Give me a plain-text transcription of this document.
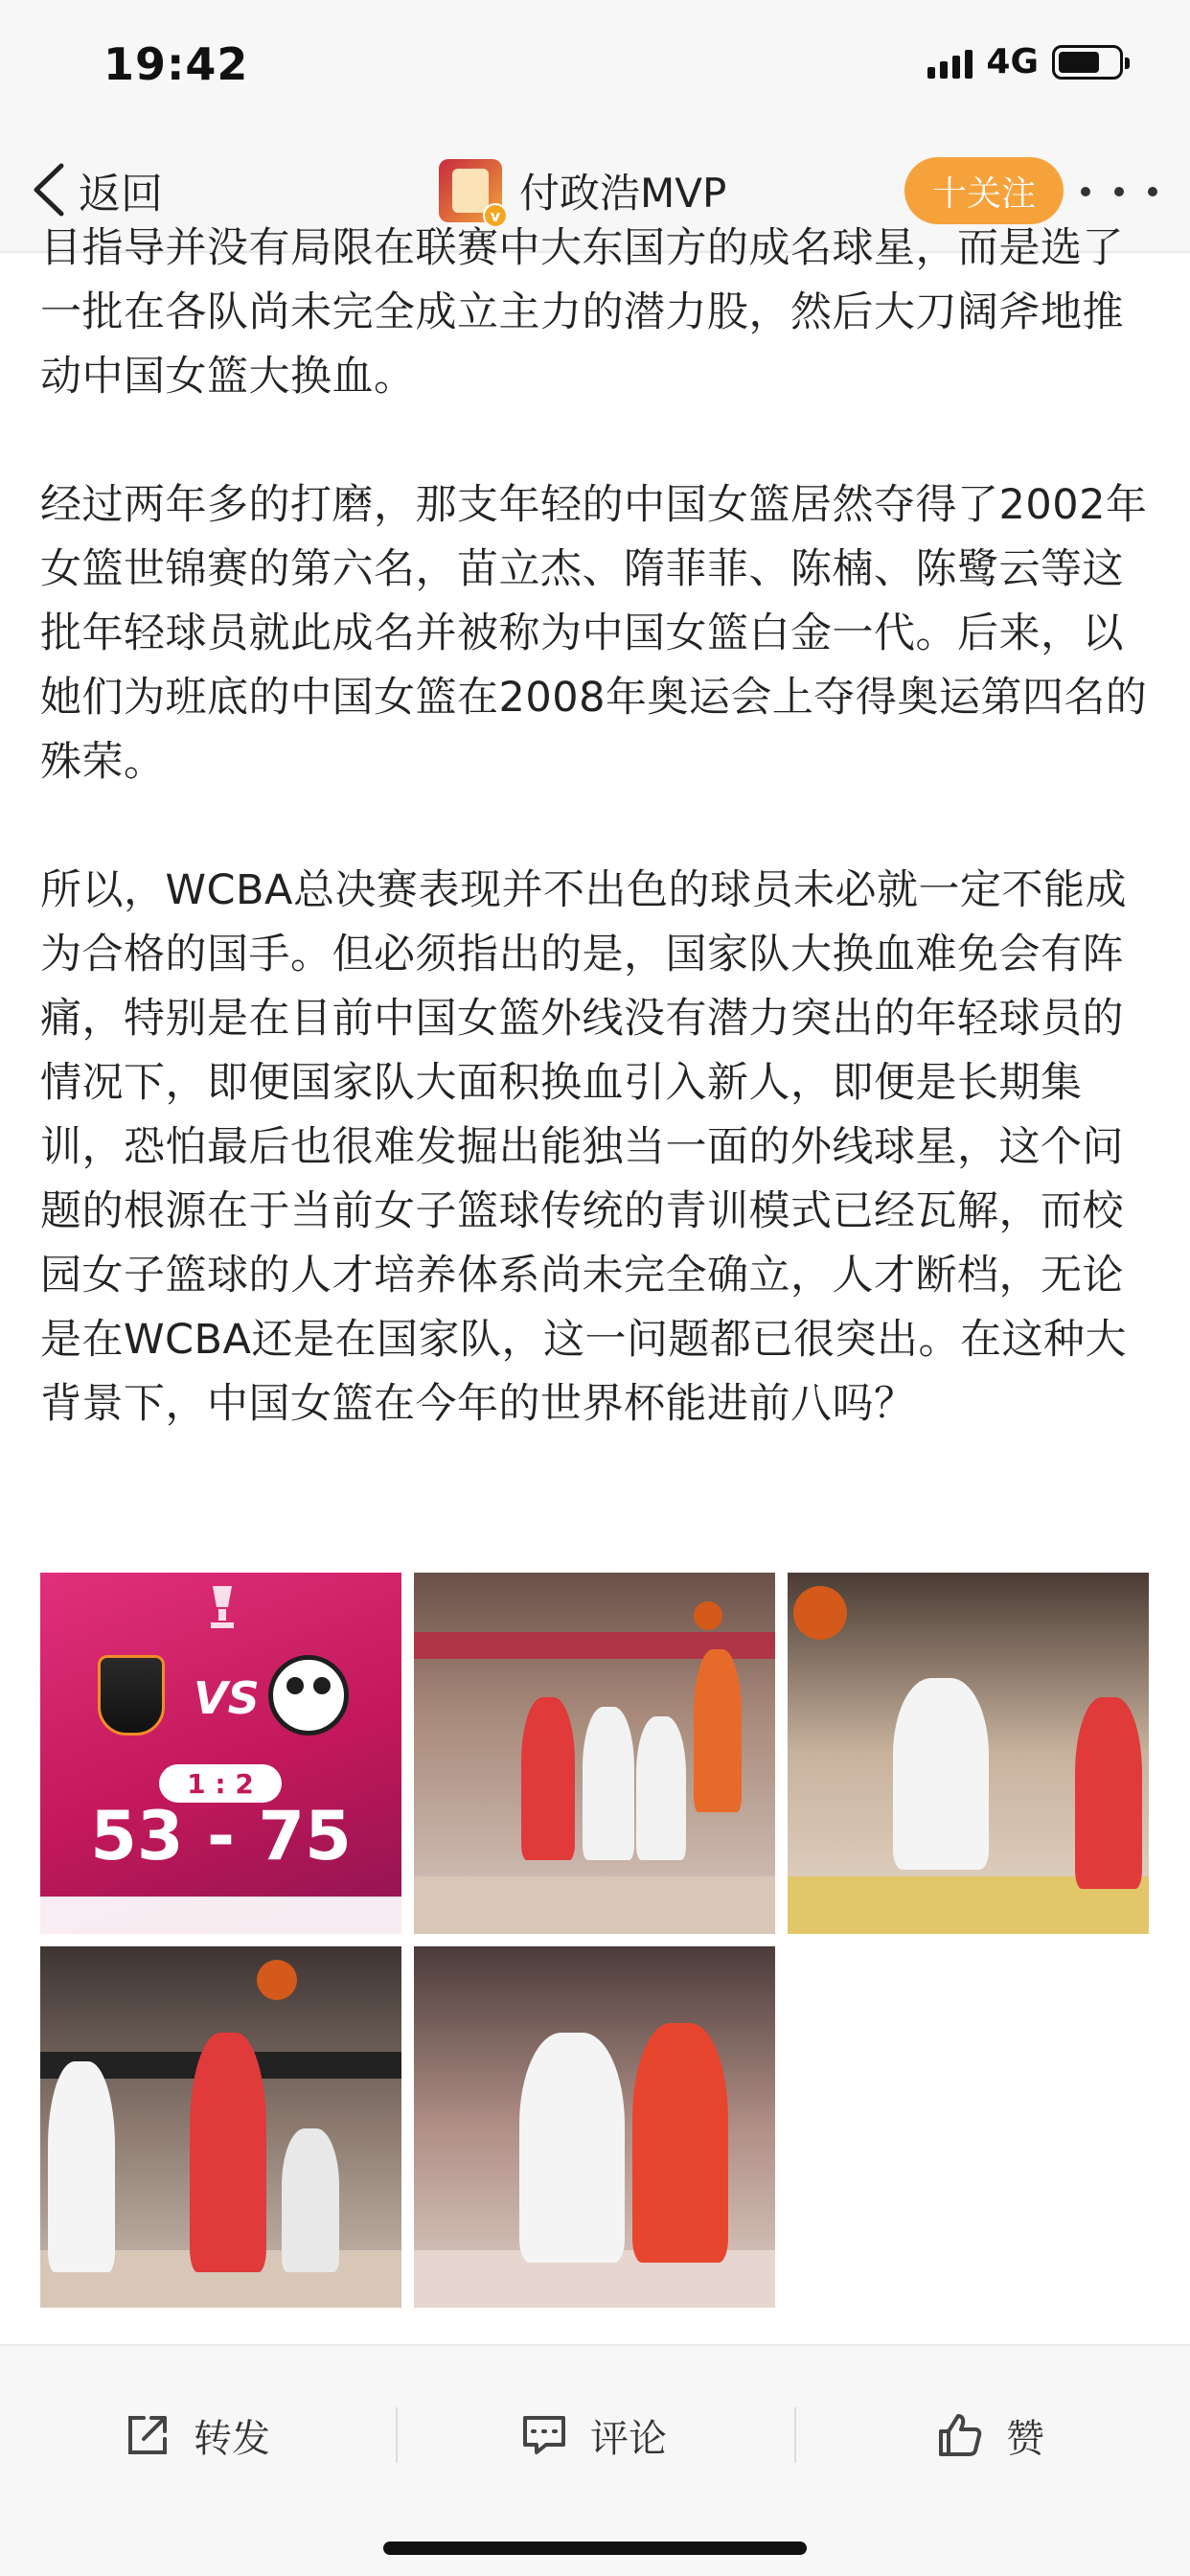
19:42	4G
返回	v 付政浩MVP	十关注

目指导并没有局限在联赛中大东国方的成名球星，而是选了一批在各队尚未完全成立主力的潜力股，然后大刀阔斧地推动中国女篮大换血。

经过两年多的打磨，那支年轻的中国女篮居然夺得了2002年女篮世锦赛的第六名，苗立杰、隋菲菲、陈楠、陈鹭云等这批年轻球员就此成名并被称为中国女篮白金一代。后来，以她们为班底的中国女篮在2008年奥运会上夺得奥运第四名的殊荣。

所以，WCBA总决赛表现并不出色的球员未必就一定不能成为合格的国手。但必须指出的是，国家队大换血难免会有阵痛，特别是在目前中国女篮外线没有潜力突出的年轻球员的情况下，即便国家队大面积换血引入新人，即便是长期集训，恐怕最后也很难发掘出能独当一面的外线球星，这个问题的根源在于当前女子篮球传统的青训模式已经瓦解，而校园女子篮球的人才培养体系尚未完全确立，人才断档，无论是在WCBA还是在国家队，这一问题都已很突出。在这种大背景下，中国女篮在今年的世界杯能进前八吗？

VS
1 : 2
53 - 75
转发	评论	赞
